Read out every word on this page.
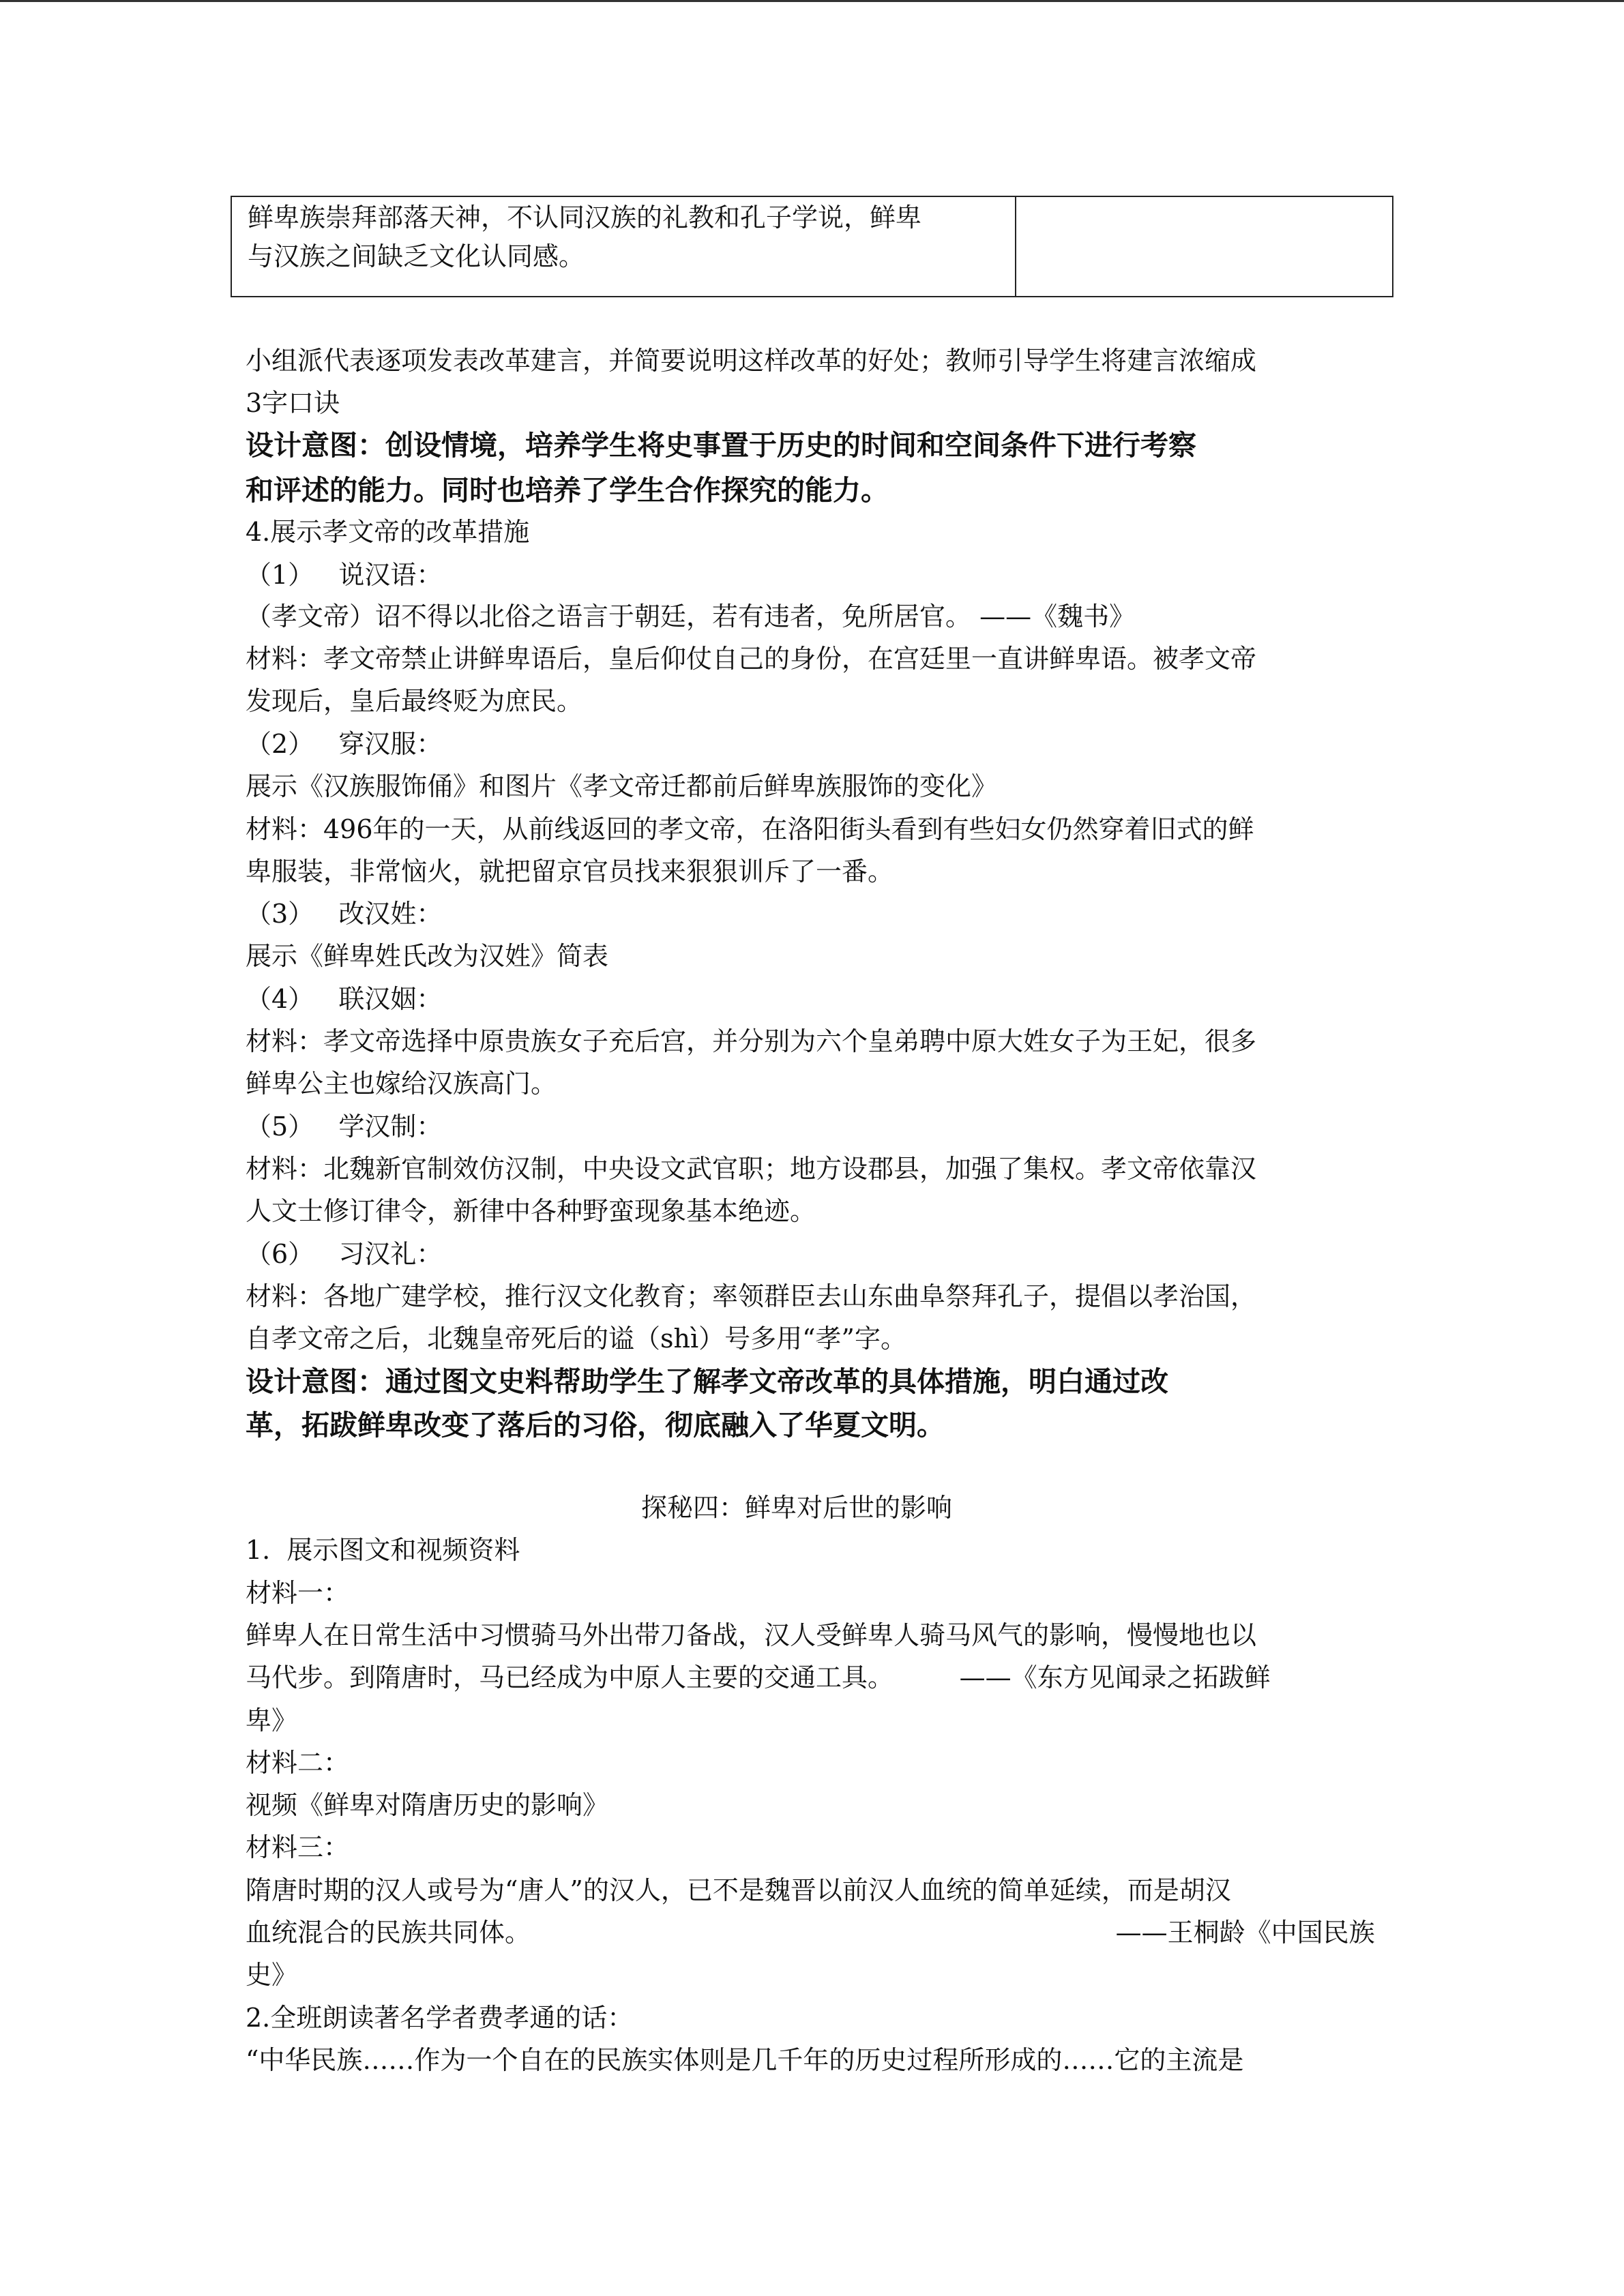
鲜卑族崇拜部落天神，不认同汉族的礼教和孔子学说，鲜卑
与汉族之间缺乏文化认同感。

小组派代表逐项发表改革建言，并简要说明这样改革的好处；教师引导学生将建言浓缩成
3字口诀
设计意图：创设情境，培养学生将史事置于历史的时间和空间条件下进行考察
和评述的能力。同时也培养了学生合作探究的能力。
4.展示孝文帝的改革措施
（1）   说汉语：
（孝文帝）诏不得以北俗之语言于朝廷，若有违者，免所居官。 ——《魏书》
材料：孝文帝禁止讲鲜卑语后，皇后仰仗自己的身份，在宫廷里一直讲鲜卑语。被孝文帝
发现后，皇后最终贬为庶民。
（2）   穿汉服：
展示《汉族服饰俑》和图片《孝文帝迁都前后鲜卑族服饰的变化》
材料：496年的一天，从前线返回的孝文帝，在洛阳街头看到有些妇女仍然穿着旧式的鲜
卑服装，非常恼火，就把留京官员找来狠狠训斥了一番。
（3）   改汉姓：
展示《鲜卑姓氏改为汉姓》简表
（4）   联汉姻：
材料：孝文帝选择中原贵族女子充后宫，并分别为六个皇弟聘中原大姓女子为王妃，很多
鲜卑公主也嫁给汉族高门。
（5）   学汉制：
材料：北魏新官制效仿汉制，中央设文武官职；地方设郡县，加强了集权。孝文帝依靠汉
人文士修订律令，新律中各种野蛮现象基本绝迹。
（6）   习汉礼：
材料：各地广建学校，推行汉文化教育；率领群臣去山东曲阜祭拜孔子，提倡以孝治国，
自孝文帝之后，北魏皇帝死后的谥（shì）号多用“孝”字。
设计意图：通过图文史料帮助学生了解孝文帝改革的具体措施，明白通过改
革，拓跋鲜卑改变了落后的习俗，彻底融入了华夏文明。
探秘四：鲜卑对后世的影响
1.  展示图文和视频资料
材料一：
鲜卑人在日常生活中习惯骑马外出带刀备战，汉人受鲜卑人骑马风气的影响，慢慢地也以
马代步。到隋唐时，马已经成为中原人主要的交通工具。        ——《东方见闻录之拓跋鲜
卑》
材料二：
视频《鲜卑对隋唐历史的影响》
材料三：
隋唐时期的汉人或号为“唐人”的汉人，已不是魏晋以前汉人血统的简单延续，而是胡汉
血统混合的民族共同体。                                                                       ——王桐龄《中国民族
史》
2.全班朗读著名学者费孝通的话：
“中华民族……作为一个自在的民族实体则是几千年的历史过程所形成的……它的主流是
